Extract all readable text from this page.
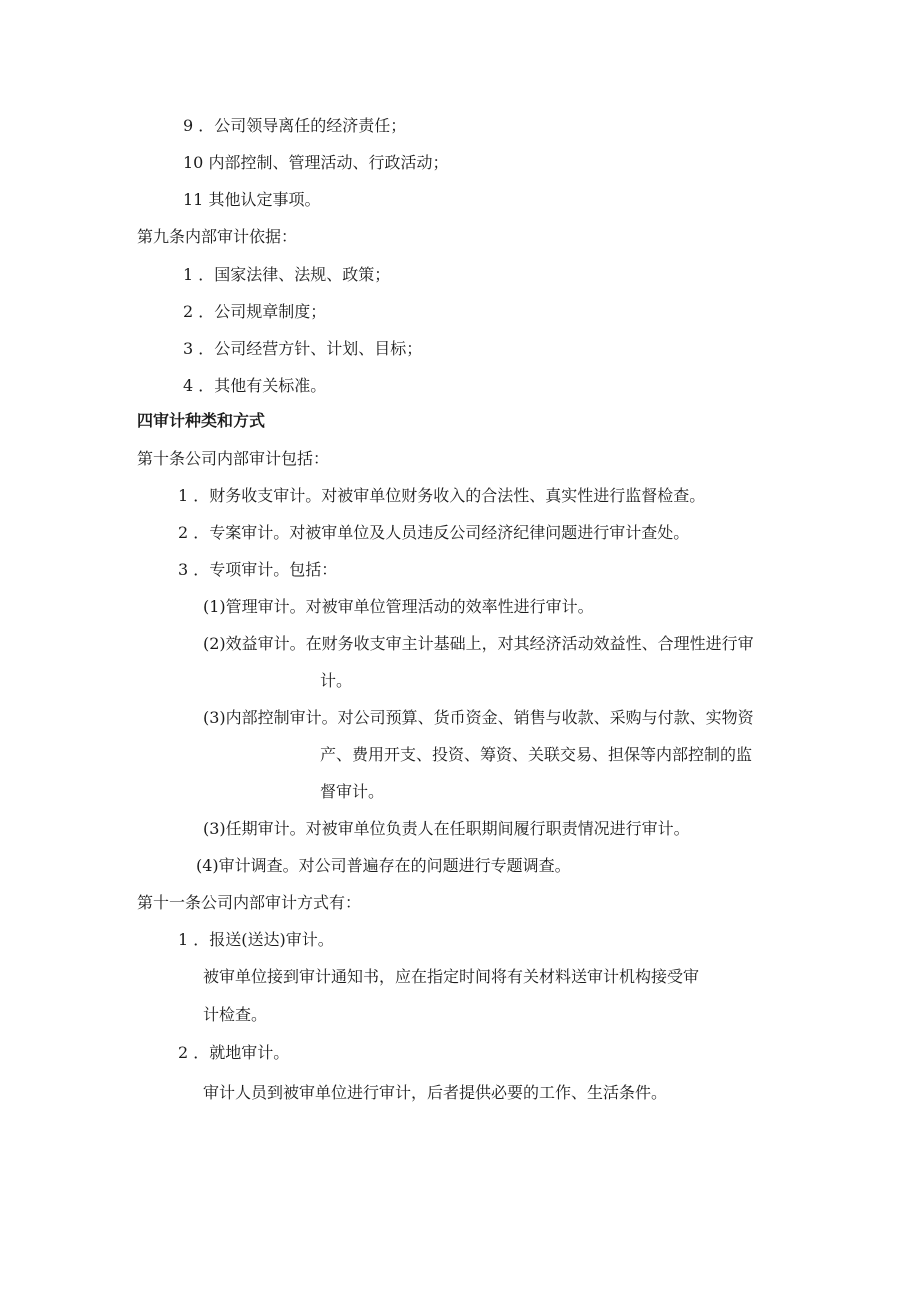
9 ．公司领导离任的经济责任；

10 内部控制、管理活动、行政活动；

11 其他认定事项。

第九条内部审计依据：

1 ．国家法律、法规、政策；

2 ．公司规章制度；

3 ．公司经营方针、计划、目标；

4 ．其他有关标准。

四审计种类和方式

第十条公司内部审计包括：

1 ．财务收支审计。对被审单位财务收入的合法性、真实性进行监督检查。

2 ．专案审计。对被审单位及人员违反公司经济纪律问题进行审计查处。

3 ．专项审计。包括：

(1)管理审计。对被审单位管理活动的效率性进行审计。

(2)效益审计。在财务收支审主计基础上，对其经济活动效益性、合理性进行审

计。

(3)内部控制审计。对公司预算、货币资金、销售与收款、采购与付款、实物资

产、费用开支、投资、筹资、关联交易、担保等内部控制的监

督审计。

(3)任期审计。对被审单位负责人在任职期间履行职责情况进行审计。

(4)审计调查。对公司普遍存在的问题进行专题调查。

第十一条公司内部审计方式有：

1 ．报送(送达)审计。

被审单位接到审计通知书，应在指定时间将有关材料送审计机构接受审

计检查。

2 ．就地审计。

审计人员到被审单位进行审计，后者提供必要的工作、生活条件。
